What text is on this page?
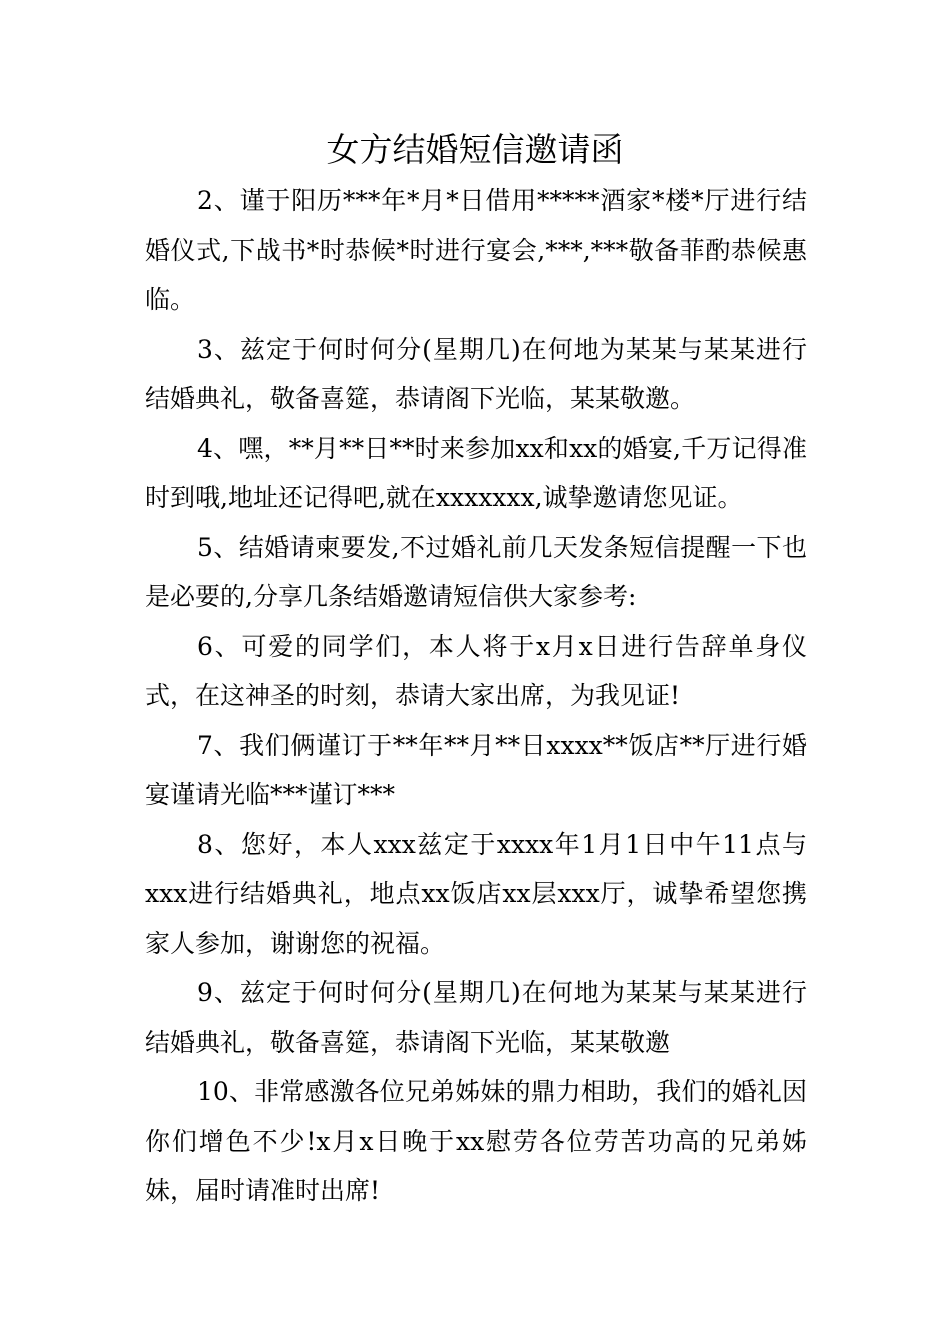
女方结婚短信邀请函

2、谨于阳历***年*月*日借用*****酒家*楼*厅进行结婚仪式,下战书*时恭候*时进行宴会,***,***敬备菲酌恭候惠临。

3、兹定于何时何分(星期几)在何地为某某与某某进行结婚典礼，敬备喜筵，恭请阁下光临，某某敬邀。

4、嘿，**月**日**时来参加xx和xx的婚宴,千万记得准时到哦,地址还记得吧,就在xxxxxxx,诚挚邀请您见证。

5、结婚请柬要发,不过婚礼前几天发条短信提醒一下也是必要的,分享几条结婚邀请短信供大家参考:

6、可爱的同学们，本人将于x月x日进行告辞单身仪式，在这神圣的时刻，恭请大家出席，为我见证!

7、我们俩谨订于**年**月**日xxxx**饭店**厅进行婚宴谨请光临***谨订***

8、您好，本人xxx兹定于xxxx年1月1日中午11点与xxx进行结婚典礼，地点xx饭店xx层xxx厅，诚挚希望您携家人参加，谢谢您的祝福。

9、兹定于何时何分(星期几)在何地为某某与某某进行结婚典礼，敬备喜筵，恭请阁下光临，某某敬邀

10、非常感激各位兄弟姊妹的鼎力相助，我们的婚礼因你们增色不少!x月x日晚于xx慰劳各位劳苦功高的兄弟姊妹，届时请准时出席!
